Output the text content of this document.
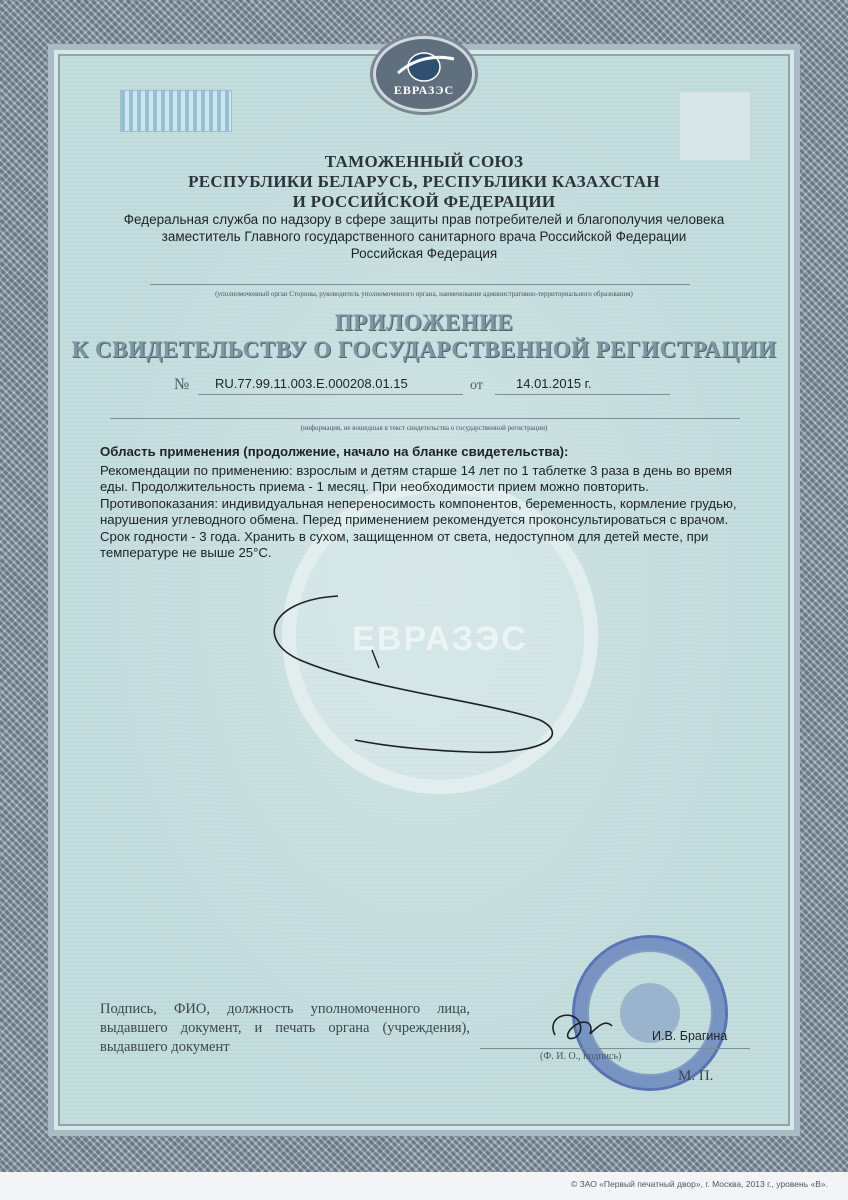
ЕВРАЗЭС
ЕВРАЗЭС
ТАМОЖЕННЫЙ СОЮЗ
РЕСПУБЛИКИ БЕЛАРУСЬ, РЕСПУБЛИКИ КАЗАХСТАН
И РОССИЙСКОЙ ФЕДЕРАЦИИ
Федеральная служба по надзору в сфере защиты прав потребителей и благополучия человека
заместитель Главного государственного санитарного врача Российской Федерации
Российская Федерация
(уполномоченный орган Стороны, руководитель уполномоченного органа, наименование административно-территориального образования)
ПРИЛОЖЕНИЕ
К СВИДЕТЕЛЬСТВУ О ГОСУДАРСТВЕННОЙ РЕГИСТРАЦИИ
№ RU.77.99.11.003.E.000208.01.15	от	14.01.2015 г.
(информация, не вошедшая в текст свидетельства о государственной регистрации)
Область применения (продолжение, начало на бланке свидетельства):
Рекомендации по применению: взрослым и детям старше 14 лет по 1 таблетке 3 раза в день во время еды. Продолжительность приема - 1 месяц. При необходимости прием можно повторить. Противопоказания: индивидуальная непереносимость компонентов, беременность, кормление грудью, нарушения углеводного обмена. Перед применением рекомендуется проконсультироваться с врачом. Срок годности - 3 года. Хранить в сухом, защищенном от света, недоступном для детей месте, при температуре не выше 25°С.
Подпись, ФИО, должность уполномоченного лица, выдавшего документ, и печать органа (учреждения), выдавшего документ
И.В. Брагина
(Ф. И. О., подпись)
М. П.
© ЗАО «Первый печатный двор», г. Москва, 2013 г., уровень «В».
